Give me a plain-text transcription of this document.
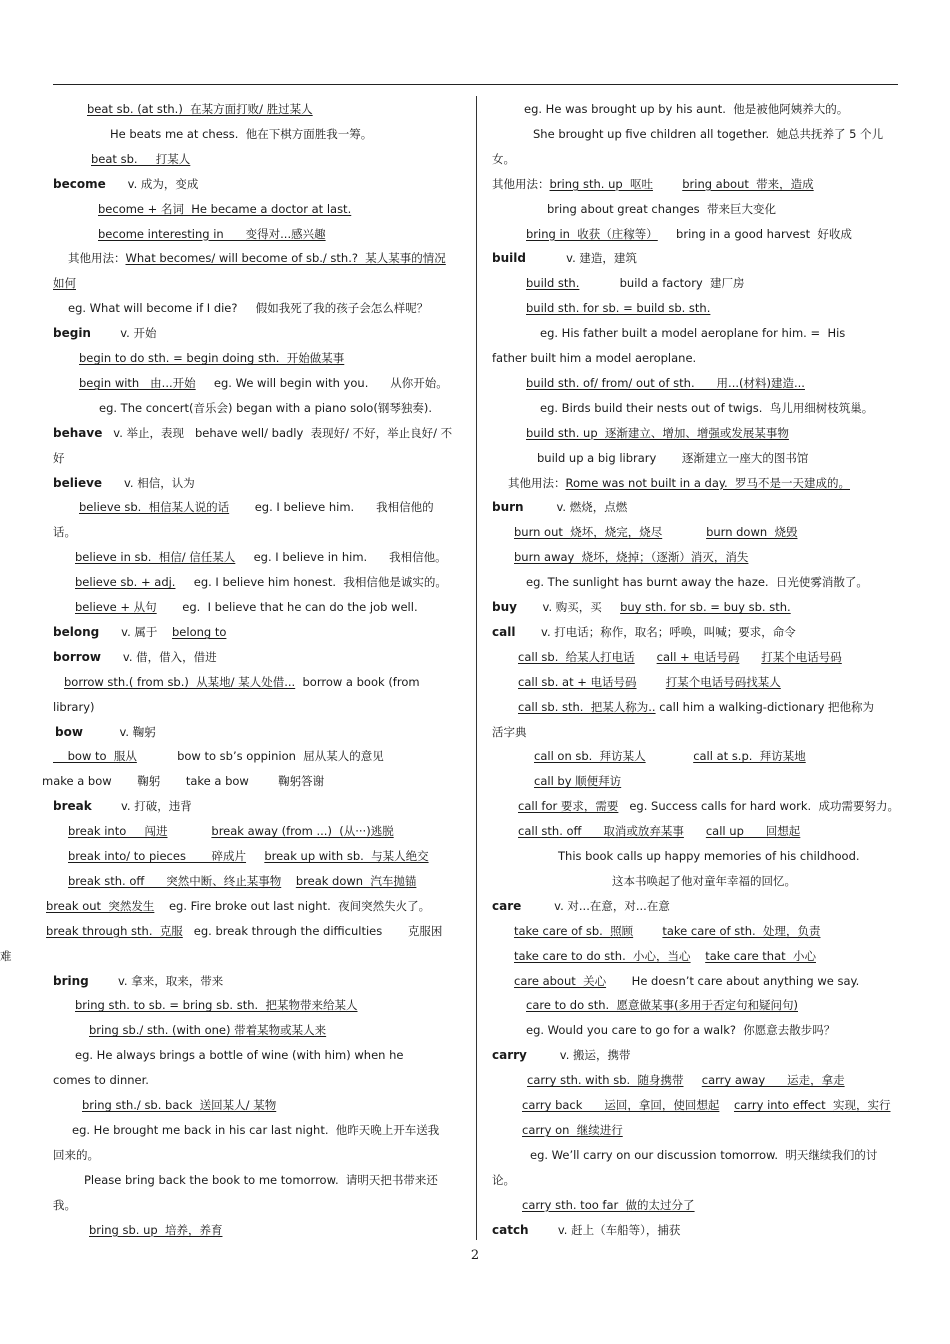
beat sb. (at sth.)  在某方面打败/ 胜过某人
He beats me at chess.  他在下棋方面胜我一筹。
beat sb.     打某人
become      v. 成为，变成
become + 名词  He became a doctor at last.
become interesting in      变得对...感兴趣
其他用法：What becomes/ will become of sb./ sth.?  某人某事的情况
如何
eg. What will become if I die?     假如我死了我的孩子会怎么样呢？
begin        v. 开始
begin to do sth. = begin doing sth.  开始做某事
begin with   由...开始     eg. We will begin with you.      从你开始。
eg. The concert(音乐会) began with a piano solo(钢琴独奏).
behave   v. 举止，表现   behave well/ badly  表现好/ 不好，举止良好/ 不
好
believe      v. 相信，认为
believe sb.  相信某人说的话       eg. I believe him.      我相信他的
话。
believe in sb.  相信/ 信任某人     eg. I believe in him.      我相信他。
believe sb. + adj.     eg. I believe him honest.  我相信他是诚实的。
believe + 从句       eg.  I believe that he can do the job well.
belong      v. 属于    belong to
borrow      v. 借，借入，借进
borrow sth.( from sb.)  从某地/ 某人处借...  borrow a book (from
library)
bow          v. 鞠躬
bow to  服从           bow to sb’s oppinion  屈从某人的意见
make a bow       鞠躬       take a bow        鞠躬答谢
break        v. 打破，违背
break into     闯进	break away (from ...)  (从···)逃脱
break into/ to pieces       碎成片 break up with sb.  与某人绝交
break sth. off      突然中断、终止某事物 break down  汽车抛锚
break out  突然发生    eg. Fire broke out last night.  夜间突然失火了。
break through sth.  克服   eg. break through the difficulties       克服困
难
bring        v. 拿来，取来，带来
bring sth. to sb. = bring sb. sth.  把某物带来给某人
bring sb./ sth. (with one) 带着某物或某人来
eg. He always brings a bottle of wine (with him) when he
comes to dinner.
bring sth./ sb. back  送回某人/ 某物
eg. He brought me back in his car last night.  他昨天晚上开车送我
回来的。
Please bring back the book to me tomorrow.  请明天把书带来还
我。
bring sb. up  培养，养育
eg. He was brought up by his aunt.  他是被他阿姨养大的。
She brought up five children all together.  她总共抚养了 5 个儿
女。
其他用法：bring sth. up  呕吐	bring about  带来，造成
bring about great changes  带来巨大变化
bring in  收获（庄稼等）     bring in a good harvest  好收成
build           v. 建造，建筑
build sth.           build a factory  建厂房
build sth. for sb. = build sb. sth.
eg. His father built a model aeroplane for him. =  His
father built him a model aeroplane.
build sth. of/ from/ out of sth.      用...(材料)建造...
eg. Birds build their nests out of twigs.  鸟儿用细树枝筑巢。
build sth. up  逐渐建立、增加、增强或发展某事物
build up a big library       逐渐建立一座大的图书馆
其他用法：Rome was not built in a day.  罗马不是一天建成的。
burn         v. 燃烧，点燃
burn out  烧坏，烧完，烧尽	burn down  烧毁
burn away  烧坏，烧掉；（逐渐）消灭，消失
eg. The sunlight has burnt away the haze.  日光使雾消散了。
buy       v. 购买，买     buy sth. for sb. = buy sb. sth.
call       v. 打电话；称作，取名；呼唤，叫喊；要求，命令
call sb.  给某人打电话 call + 电话号码 打某个电话号码
call sb. at + 电话号码	打某个电话号码找某人
call sb. sth.  把某人称为.. call him a walking-dictionary 把他称为
活字典
call on sb.  拜访某人	call at s.p.  拜访某地
call by 顺便拜访
call for 要求，需要   eg. Success calls for hard work.  成功需要努力。
call sth. off      取消或放弃某事 call up      回想起
This book calls up happy memories of his childhood.
这本书唤起了他对童年幸福的回忆。
care         v. 对...在意，对...在意
take care of sb.  照顾	take care of sth.  处理，负责
take care to do sth.  小心，当心 take care that  小心
care about  关心       He doesn’t care about anything we say.
care to do sth.  愿意做某事(多用于否定句和疑问句)
eg. Would you care to go for a walk?  你愿意去散步吗？
carry         v. 搬运，携带
carry sth. with sb.  随身携带 carry away      运走，拿走
carry back      运回，拿回，使回想起 carry into effect  实现，实行
carry on  继续进行
eg. We’ll carry on our discussion tomorrow.  明天继续我们的讨
论。
carry sth. too far  做的太过分了
catch        v. 赶上（车船等），捕获
2
